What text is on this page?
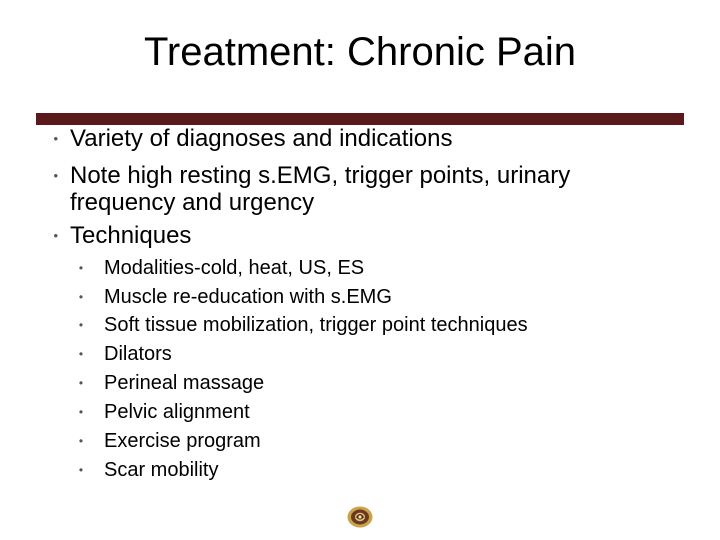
Treatment: Chronic Pain
• Variety of diagnoses and indications
• Note high resting s.EMG, trigger points, urinary frequency and urgency
• Techniques
• Modalities-cold, heat, US, ES
• Muscle re-education with s.EMG
• Soft tissue mobilization, trigger point techniques
• Dilators
• Perineal massage
• Pelvic alignment
• Exercise program
• Scar mobility
